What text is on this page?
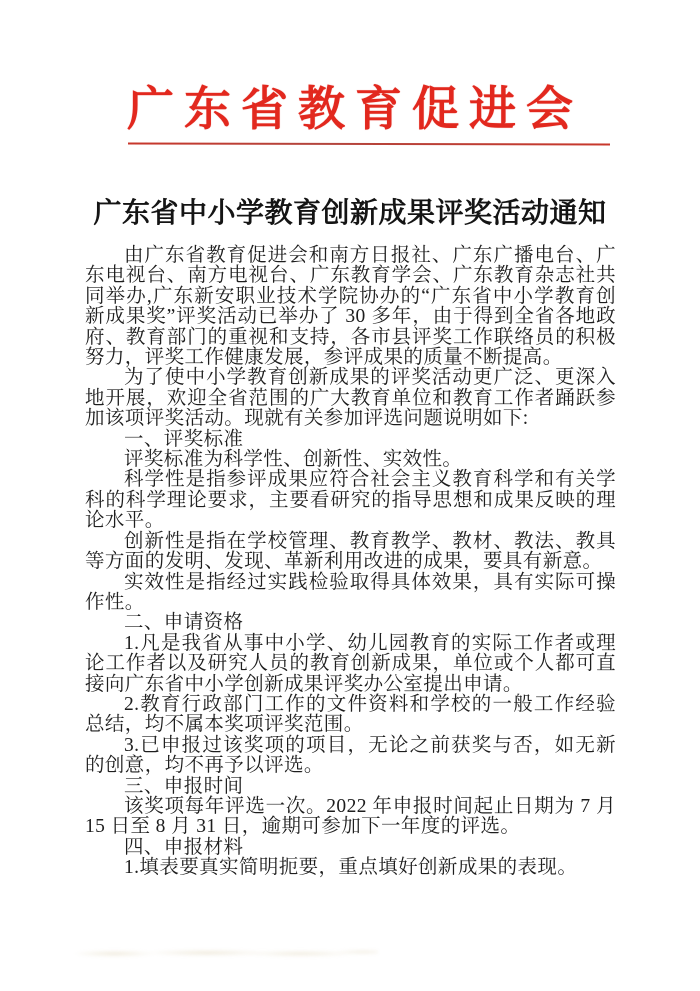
广东省教育促进会
广东省中小学教育创新成果评奖活动通知

由广东省教育促进会和南方日报社、广东广播电台、广东电视台、南方电视台、广东教育学会、广东教育杂志社共同举办,广东新安职业技术学院协办的“广东省中小学教育创新成果奖”评奖活动已举办了 30 多年，由于得到全省各地政府、教育部门的重视和支持，各市县评奖工作联络员的积极努力，评奖工作健康发展，参评成果的质量不断提高。

为了使中小学教育创新成果的评奖活动更广泛、更深入地开展，欢迎全省范围的广大教育单位和教育工作者踊跃参加该项评奖活动。现就有关参加评选问题说明如下:

一、评奖标准

评奖标准为科学性、创新性、实效性。

科学性是指参评成果应符合社会主义教育科学和有关学科的科学理论要求，主要看研究的指导思想和成果反映的理论水平。

创新性是指在学校管理、教育教学、教材、教法、教具等方面的发明、发现、革新利用改进的成果，要具有新意。

实效性是指经过实践检验取得具体效果，具有实际可操作性。

二、申请资格

1.凡是我省从事中小学、幼儿园教育的实际工作者或理论工作者以及研究人员的教育创新成果，单位或个人都可直接向广东省中小学创新成果评奖办公室提出申请。

2.教育行政部门工作的文件资料和学校的一般工作经验总结，均不属本奖项评奖范围。

3.已申报过该奖项的项目，无论之前获奖与否，如无新的创意，均不再予以评选。

三、申报时间

该奖项每年评选一次。2022 年申报时间起止日期为 7 月 15 日至 8 月 31 日，逾期可参加下一年度的评选。

四、申报材料

1.填表要真实简明扼要，重点填好创新成果的表现。
